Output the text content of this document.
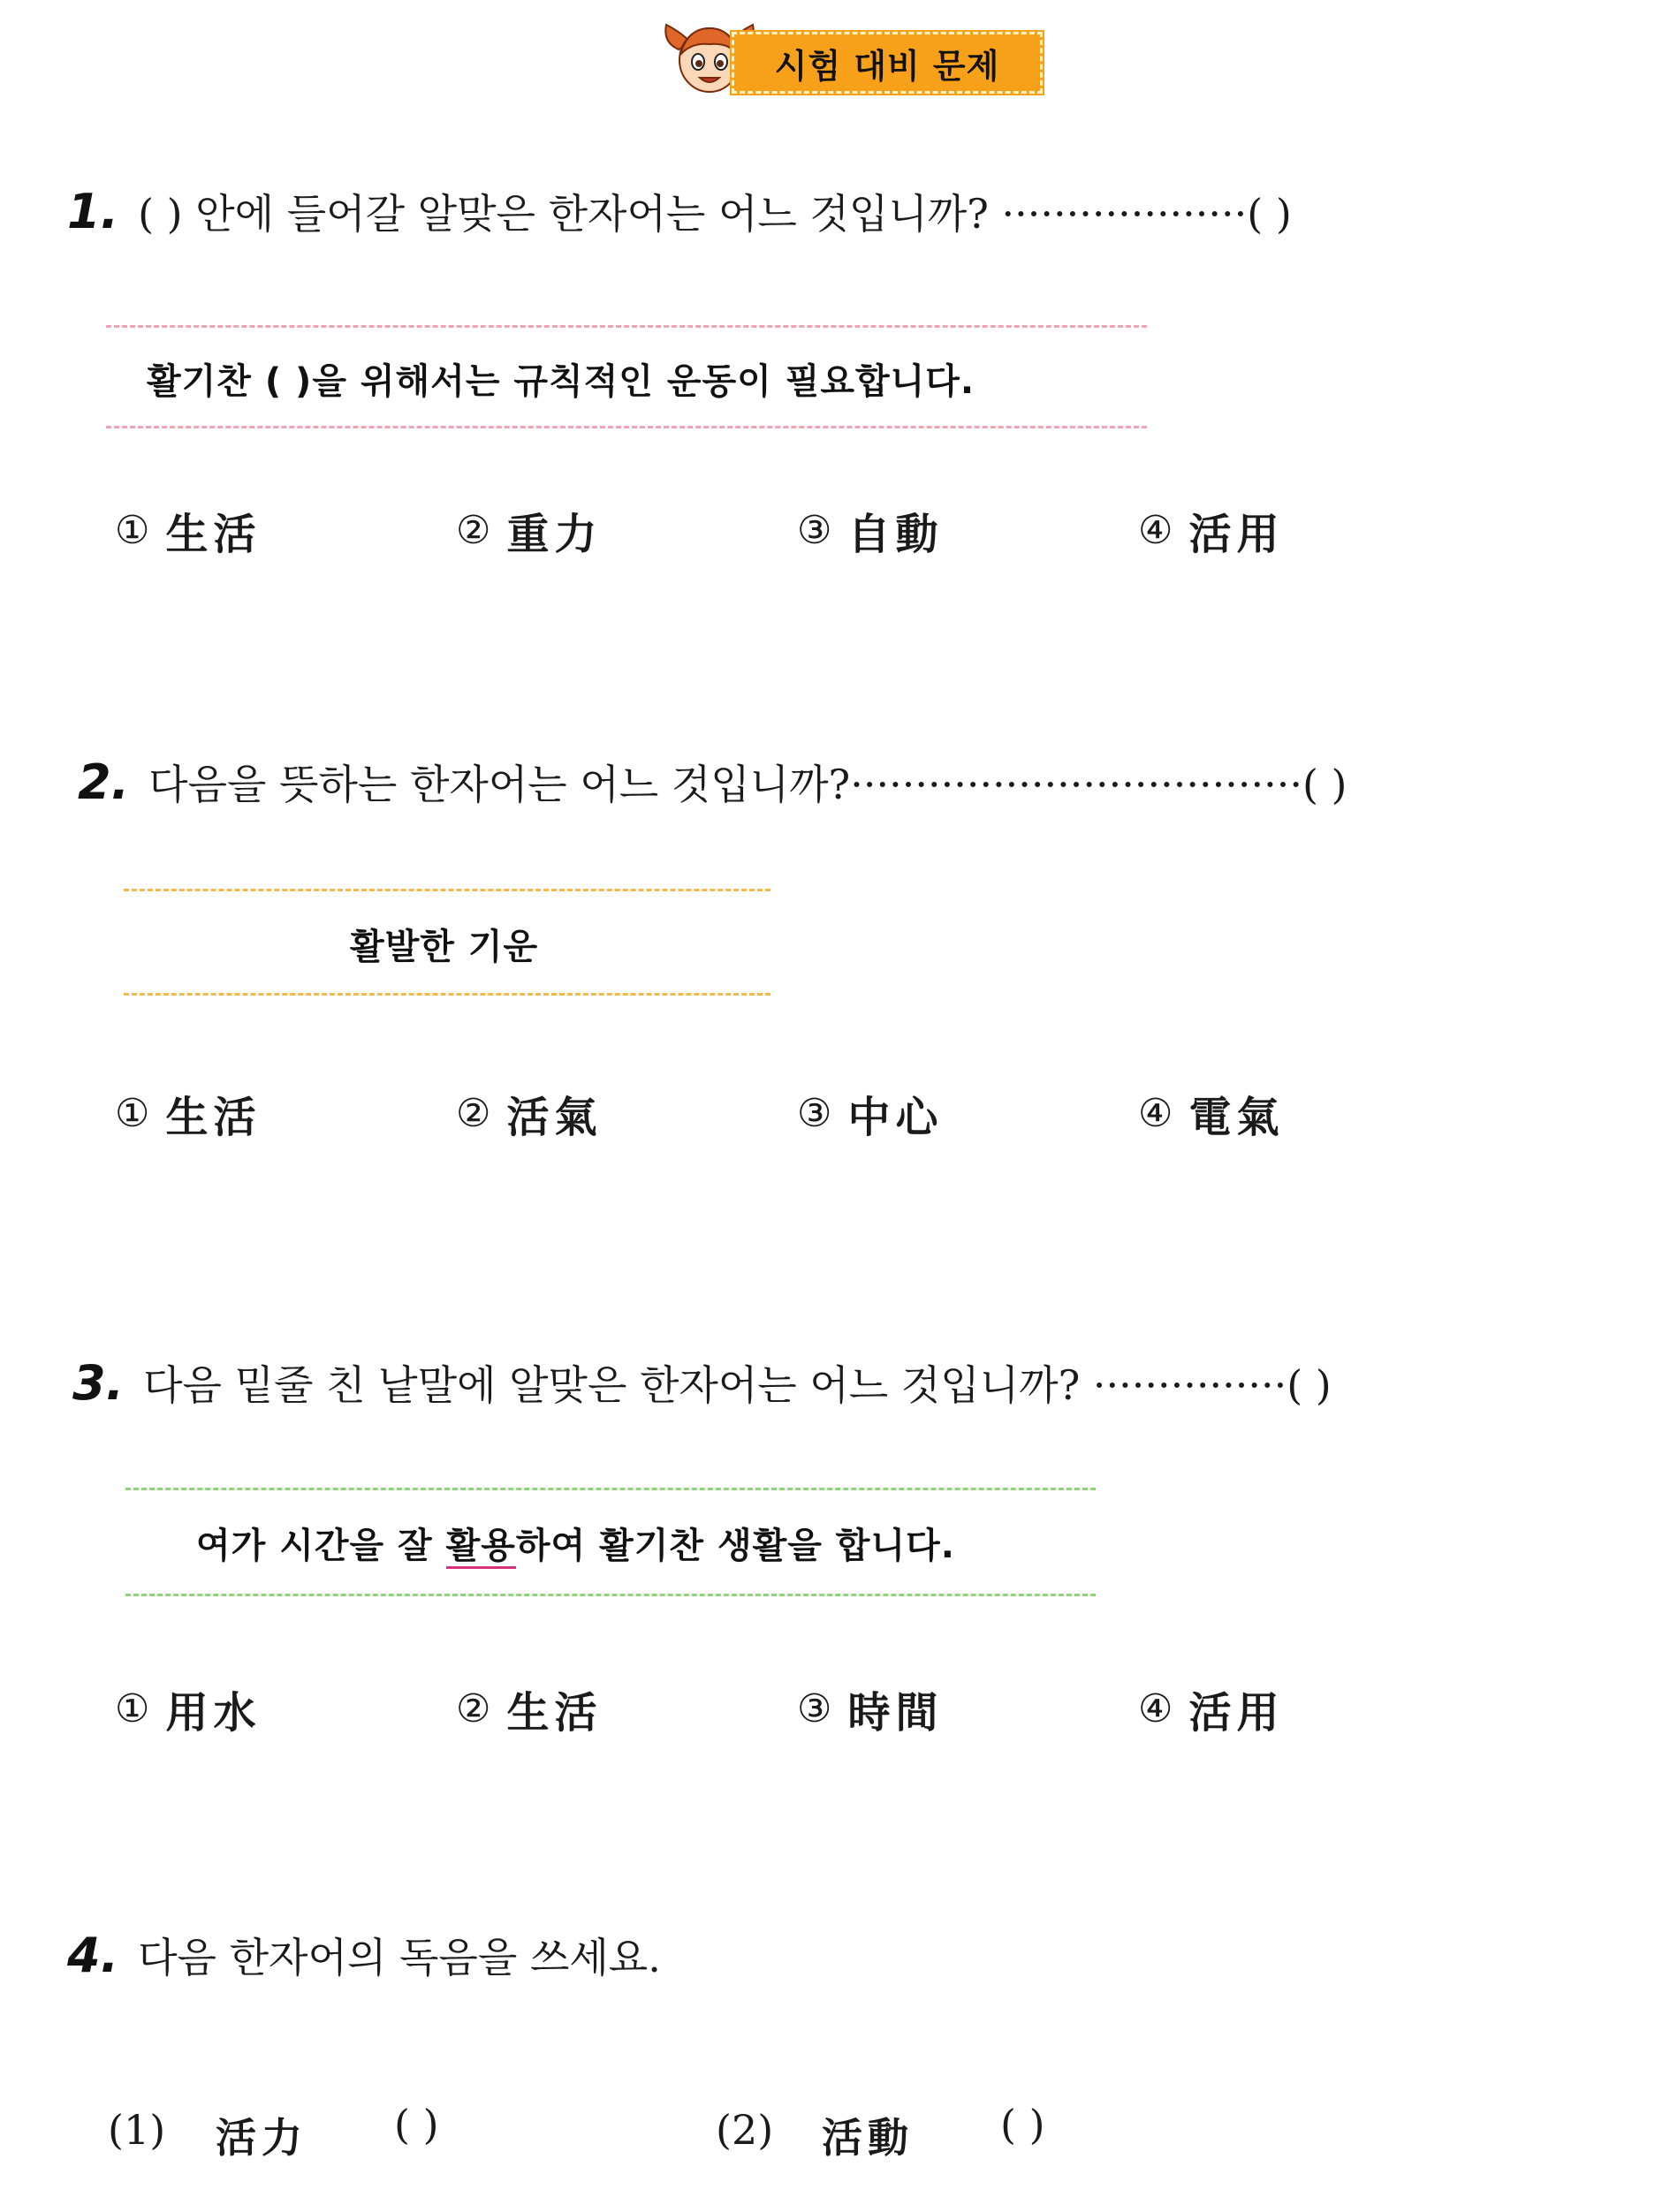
시험 대비 문제
1. ( ) 안에 들어갈 알맞은 한자어는 어느 것입니까? ···················( )
활기찬 ( )을 위해서는 규칙적인 운동이 필요합니다.
① 生活	② 重力	③ 自動	④ 活用
2. 다음을 뜻하는 한자어는 어느 것입니까?···································( )
활발한 기운
① 生活	② 活氣	③ 中心	④ 電氣
3. 다음 밑줄 친 낱말에 알맞은 한자어는 어느 것입니까? ···············( )
여가 시간을 잘 활용하여 활기찬 생활을 합니다.
① 用水	② 生活	③ 時間	④ 活用
4. 다음 한자어의 독음을 쓰세요.
(1) 活力 ( )	(2) 活動 ( )
